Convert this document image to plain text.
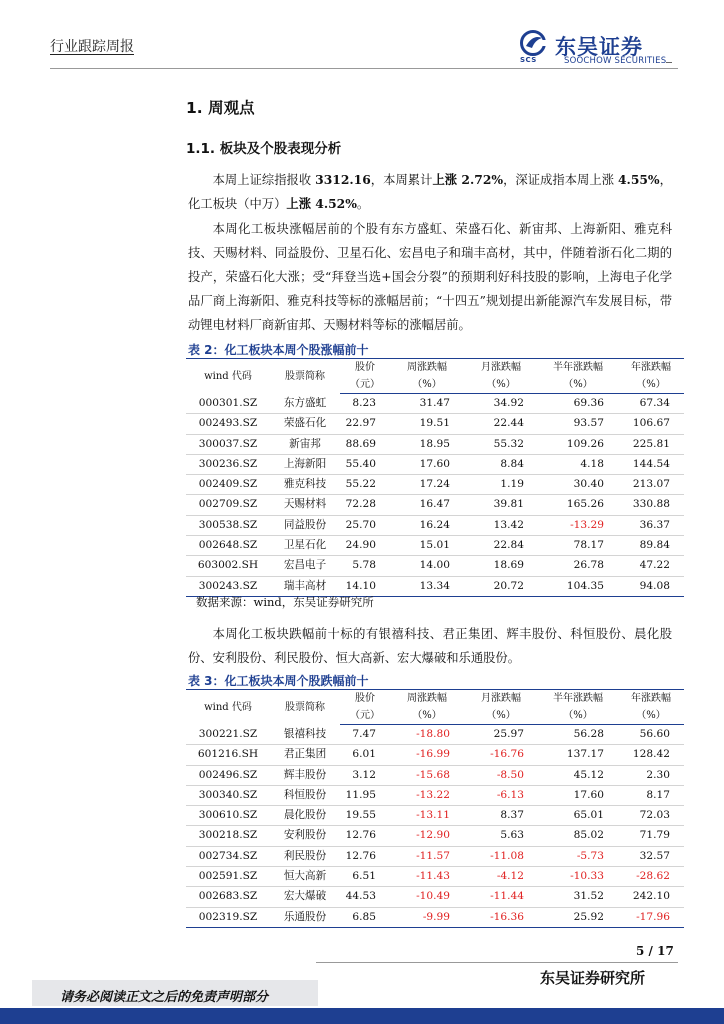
行业跟踪周报
SCS
东吴证券
SOOCHOW SECURITIES
1. 周观点
1.1. 板块及个股表现分析
本周上证综指报收 3312.16，本周累计上涨 2.72%，深证成指本周上涨 4.55%，化工板块（中万）上涨 4.52%。
本周化工板块涨幅居前的个股有东方盛虹、荣盛石化、新宙邦、上海新阳、雅克科技、天赐材料、同益股份、卫星石化、宏昌电子和瑞丰高材，其中，伴随着浙石化二期的投产，荣盛石化大涨；受“拜登当选+国会分裂”的预期利好科技股的影响，上海电子化学品厂商上海新阳、雅克科技等标的涨幅居前；“十四五”规划提出新能源汽车发展目标，带动锂电材料厂商新宙邦、天赐材料等标的涨幅居前。
表 2：化工板块本周个股涨幅前十
wind 代码	股票简称	股价	周涨跌幅	月涨跌幅	半年涨跌幅	年涨跌幅
		（元）	（%）	（%）	（%）	（%）
000301.SZ	东方盛虹	8.23	31.47	34.92	69.36	67.34
002493.SZ	荣盛石化	22.97	19.51	22.44	93.57	106.67
300037.SZ	新宙邦	88.69	18.95	55.32	109.26	225.81
300236.SZ	上海新阳	55.40	17.60	8.84	4.18	144.54
002409.SZ	雅克科技	55.22	17.24	1.19	30.40	213.07
002709.SZ	天赐材料	72.28	16.47	39.81	165.26	330.88
300538.SZ	同益股份	25.70	16.24	13.42	-13.29	36.37
002648.SZ	卫星石化	24.90	15.01	22.84	78.17	89.84
603002.SH	宏昌电子	5.78	14.00	18.69	26.78	47.22
300243.SZ	瑞丰高材	14.10	13.34	20.72	104.35	94.08
数据来源：wind，东吴证券研究所
本周化工板块跌幅前十标的有银禧科技、君正集团、辉丰股份、科恒股份、晨化股份、安利股份、利民股份、恒大高新、宏大爆破和乐通股份。
表 3：化工板块本周个股跌幅前十
wind 代码	股票简称	股价	周涨跌幅	月涨跌幅	半年涨跌幅	年涨跌幅
		（元）	（%）	（%）	（%）	（%）
300221.SZ	银禧科技	7.47	-18.80	25.97	56.28	56.60
601216.SH	君正集团	6.01	-16.99	-16.76	137.17	128.42
002496.SZ	辉丰股份	3.12	-15.68	-8.50	45.12	2.30
300340.SZ	科恒股份	11.95	-13.22	-6.13	17.60	8.17
300610.SZ	晨化股份	19.55	-13.11	8.37	65.01	72.03
300218.SZ	安利股份	12.76	-12.90	5.63	85.02	71.79
002734.SZ	利民股份	12.76	-11.57	-11.08	-5.73	32.57
002591.SZ	恒大高新	6.51	-11.43	-4.12	-10.33	-28.62
002683.SZ	宏大爆破	44.53	-10.49	-11.44	31.52	242.10
002319.SZ	乐通股份	6.85	-9.99	-16.36	25.92	-17.96
5 / 17
东吴证券研究所
请务必阅读正文之后的免责声明部分
